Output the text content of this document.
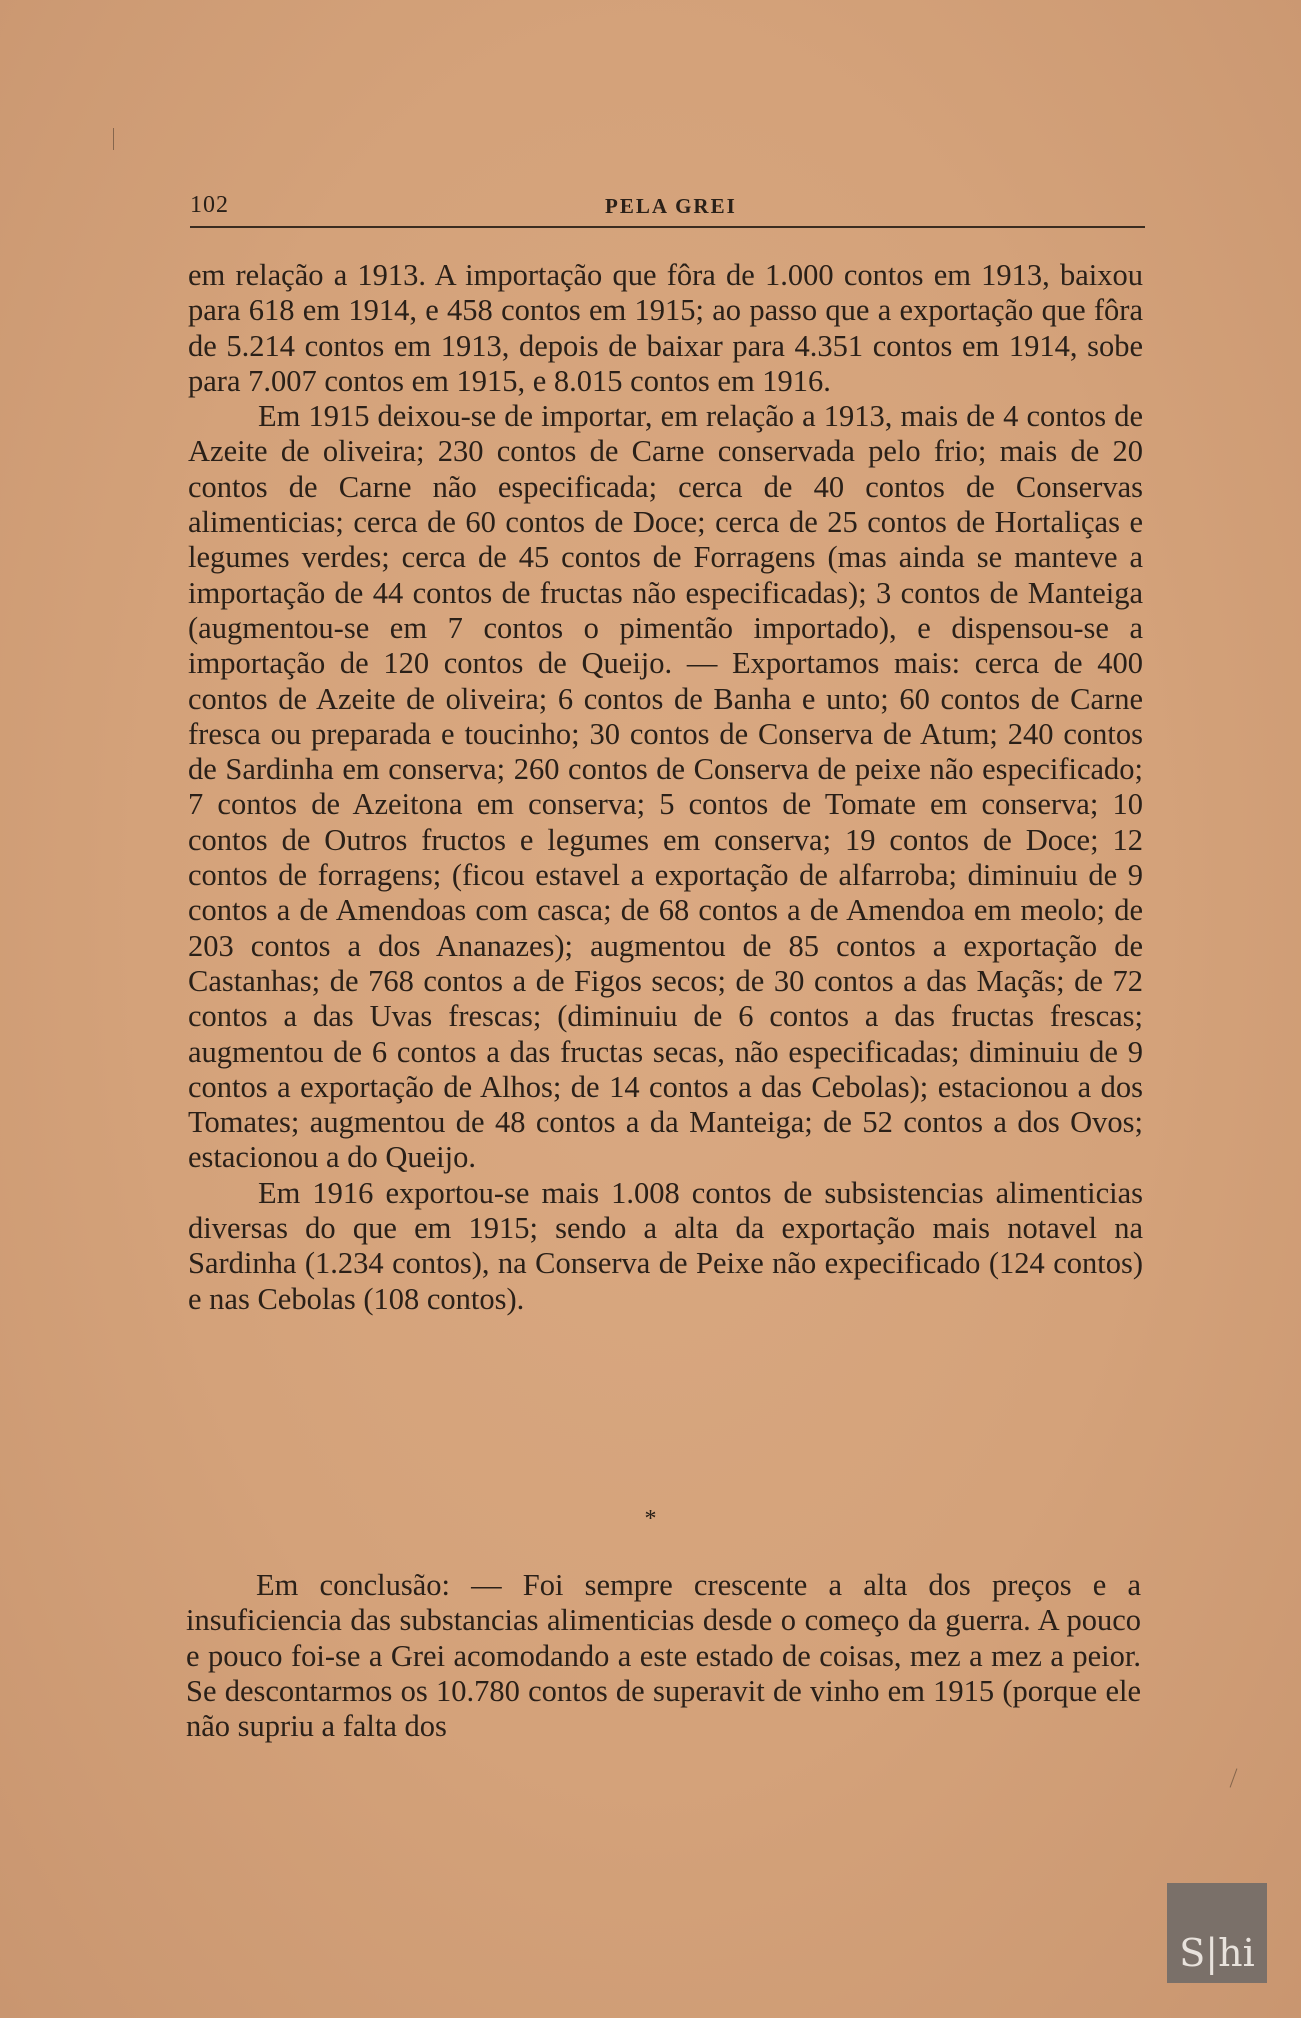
102	PELA GREI

em relação a 1913. A importação que fôra de 1.000 contos em 1913, baixou para 618 em 1914, e 458 contos em 1915; ao passo que a exportação que fôra de 5.214 contos em 1913, depois de baixar para 4.351 contos em 1914, sobe para 7.007 contos em 1915, e 8.015 contos em 1916.

Em 1915 deixou-se de importar, em relação a 1913, mais de 4 contos de Azeite de oliveira; 230 contos de Carne conservada pelo frio; mais de 20 contos de Carne não especificada; cerca de 40 contos de Conservas alimenticias; cerca de 60 contos de Doce; cerca de 25 contos de Hortaliças e legumes verdes; cerca de 45 contos de Forragens (mas ainda se manteve a importação de 44 contos de fructas não especificadas); 3 contos de Manteiga (augmentou-se em 7 contos o pimentão importado), e dispensou-se a importação de 120 contos de Queijo. — Exportamos mais: cerca de 400 contos de Azeite de oliveira; 6 contos de Banha e unto; 60 contos de Carne fresca ou preparada e toucinho; 30 contos de Conserva de Atum; 240 contos de Sardinha em conserva; 260 contos de Conserva de peixe não especificado; 7 contos de Azeitona em conserva; 5 contos de Tomate em conserva; 10 contos de Outros fructos e legumes em conserva; 19 contos de Doce; 12 contos de forragens; (ficou estavel a exportação de alfarroba; diminuiu de 9 contos a de Amendoas com casca; de 68 contos a de Amendoa em meolo; de 203 contos a dos Ananazes); augmentou de 85 contos a exportação de Castanhas; de 768 contos a de Figos secos; de 30 contos a das Maçãs; de 72 contos a das Uvas frescas; (diminuiu de 6 contos a das fructas frescas; augmentou de 6 contos a das fructas secas, não especificadas; diminuiu de 9 contos a exportação de Alhos; de 14 contos a das Cebolas); estacionou a dos Tomates; augmentou de 48 contos a da Manteiga; de 52 contos a dos Ovos; estacionou a do Queijo.

Em 1916 exportou-se mais 1.008 contos de subsistencias alimenticias diversas do que em 1915; sendo a alta da exportação mais notavel na Sardinha (1.234 contos), na Conserva de Peixe não expecificado (124 contos) e nas Cebolas (108 contos).

*

Em conclusão: — Foi sempre crescente a alta dos preços e a insuficiencia das substancias alimenticias desde o começo da guerra. A pouco e pouco foi-se a Grei acomodando a este estado de coisas, mez a mez a peior. Se descontarmos os 10.780 contos de superavit de vinho em 1915 (porque ele não supriu a falta dos

S|hi
